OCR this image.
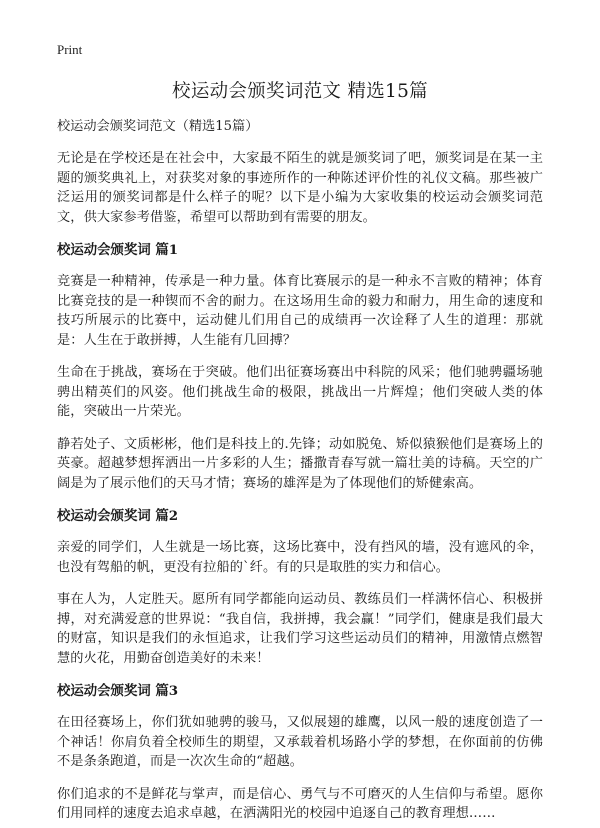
Print
校运动会颁奖词范文 精选15篇

校运动会颁奖词范文（精选15篇）

无论是在学校还是在社会中，大家最不陌生的就是颁奖词了吧，颁奖词是在某一主题的颁奖典礼上，对获奖对象的事迹所作的一种陈述评价性的礼仪文稿。那些被广泛运用的颁奖词都是什么样子的呢？以下是小编为大家收集的校运动会颁奖词范文，供大家参考借鉴，希望可以帮助到有需要的朋友。

校运动会颁奖词 篇1

竞赛是一种精神，传承是一种力量。体育比赛展示的是一种永不言败的精神；体育比赛竞技的是一种锲而不舍的耐力。在这场用生命的毅力和耐力，用生命的速度和技巧所展示的比赛中，运动健儿们用自己的成绩再一次诠释了人生的道理：那就是：人生在于敢拼搏，人生能有几回搏？

生命在于挑战，赛场在于突破。他们出征赛场赛出中科院的风采；他们驰骋疆场驰骋出精英们的风姿。他们挑战生命的极限，挑战出一片辉煌；他们突破人类的体能，突破出一片荣光。

静若处子、文质彬彬，他们是科技上的.先锋；动如脱兔、矫似猿猴他们是赛场上的英豪。超越梦想挥洒出一片多彩的人生；播撒青春写就一篇壮美的诗稿。天空的广阔是为了展示他们的天马才情；赛场的雄浑是为了体现他们的矫健索高。

校运动会颁奖词 篇2

亲爱的同学们，人生就是一场比赛，这场比赛中，没有挡风的墙，没有遮风的伞，也没有驾船的帆，更没有拉船的`纤。有的只是取胜的实力和信心。

事在人为，人定胜天。愿所有同学都能向运动员、教练员们一样满怀信心、积极拼搏，对充满爱意的世界说：“我自信，我拼搏，我会赢！”同学们，健康是我们最大的财富，知识是我们的永恒追求，让我们学习这些运动员们的精神，用激情点燃智慧的火花，用勤奋创造美好的未来！

校运动会颁奖词 篇3

在田径赛场上，你们犹如驰骋的骏马，又似展翅的雄鹰，以风一般的速度创造了一个神话！你肩负着全校师生的期望，又承载着机场路小学的梦想，在你面前的仿佛不是条条跑道，而是一次次生命的“超越。

你们追求的不是鲜花与掌声，而是信心、勇气与不可磨灭的人生信仰与希望。愿你们用同样的速度去追求卓越，在洒满阳光的校园中追逐自己的教育理想……
